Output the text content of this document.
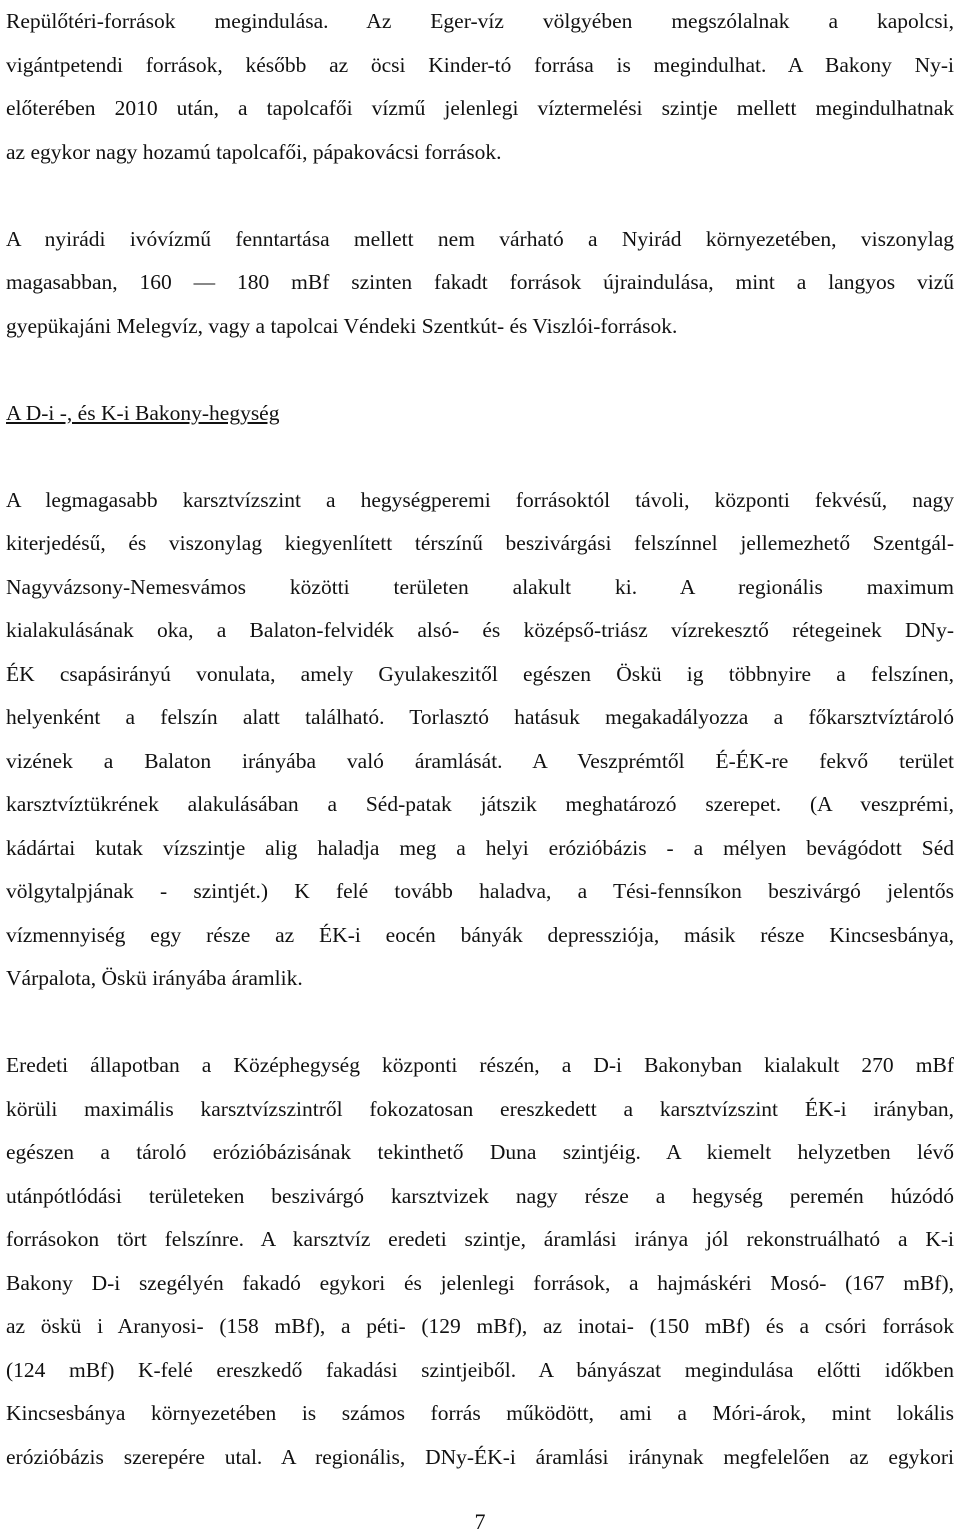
Repülőtéri-források megindulása. Az Eger-víz völgyében megszólalnak a kapolcsi,
vigántpetendi források, később az öcsi Kinder-tó forrása is megindulhat. A Bakony Ny-i
előterében 2010 után, a tapolcafői vízmű jelenlegi víztermelési szintje mellett megindulhatnak
az egykor nagy hozamú tapolcafői, pápakovácsi források.
A nyirádi ivóvízmű fenntartása mellett nem várható a Nyirád környezetében, viszonylag
magasabban, 160 — 180 mBf szinten fakadt források újraindulása, mint a langyos vizű
gyepükajáni Melegvíz, vagy a tapolcai Véndeki Szentkút- és Viszlói-források.
A D-i -, és K-i Bakony-hegység
A legmagasabb karsztvízszint a hegységperemi forrásoktól távoli, központi fekvésű, nagy
kiterjedésű, és viszonylag kiegyenlített térszínű beszivárgási felszínnel jellemezhető Szentgál-
Nagyvázsony-Nemesvámos közötti területen alakult ki. A regionális maximum
kialakulásának oka, a Balaton-felvidék alsó- és középső-triász vízrekesztő rétegeinek DNy-
ÉK csapásirányú vonulata, amely Gyulakeszitől egészen Öskü ig többnyire a felszínen,
helyenként a felszín alatt található. Torlasztó hatásuk megakadályozza a főkarsztvíztároló
vizének a Balaton irányába való áramlását. A Veszprémtől É-ÉK-re fekvő terület
karsztvíztükrének alakulásában a Séd-patak játszik meghatározó szerepet. (A veszprémi,
kádártai kutak vízszintje alig haladja meg a helyi erózióbázis - a mélyen bevágódott Séd
völgytalpjának - szintjét.) K felé tovább haladva, a Tési-fennsíkon beszivárgó jelentős
vízmennyiség egy része az ÉK-i eocén bányák depressziója, másik része Kincsesbánya,
Várpalota, Öskü irányába áramlik.
Eredeti állapotban a Középhegység központi részén, a D-i Bakonyban kialakult 270 mBf
körüli maximális karsztvízszintről fokozatosan ereszkedett a karsztvízszint ÉK-i irányban,
egészen a tároló erózióbázisának tekinthető Duna szintjéig. A kiemelt helyzetben lévő
utánpótlódási területeken beszivárgó karsztvizek nagy része a hegység peremén húzódó
forrásokon tört felszínre. A karsztvíz eredeti szintje, áramlási iránya jól rekonstruálható a K-i
Bakony D-i szegélyén fakadó egykori és jelenlegi források, a hajmáskéri Mosó- (167 mBf),
az öskü i Aranyosi- (158 mBf), a péti- (129 mBf), az inotai- (150 mBf) és a csóri források
(124 mBf) K-felé ereszkedő fakadási szintjeiből. A bányászat megindulása előtti időkben
Kincsesbánya környezetében is számos forrás működött, ami a Móri-árok, mint lokális
erózióbázis szerepére utal. A regionális, DNy-ÉK-i áramlási iránynak megfelelően az egykori
7
